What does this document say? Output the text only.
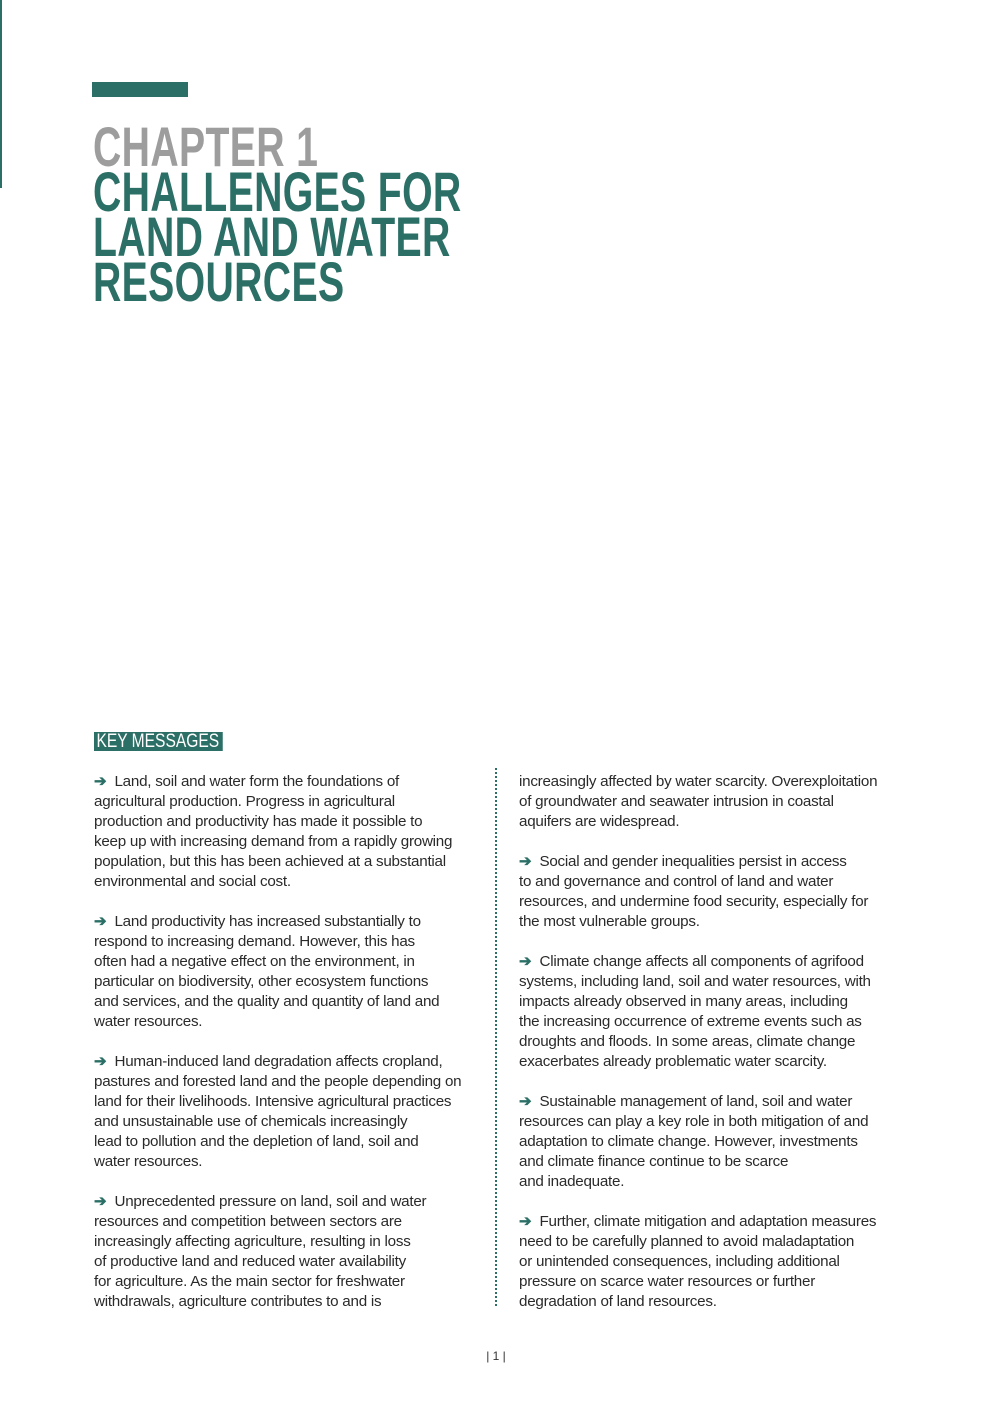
CHAPTER 1
CHALLENGES FOR
LAND AND WATER
RESOURCES
KEY MESSAGES
➔ Land, soil and water form the foundations of
agricultural production. Progress in agricultural
production and productivity has made it possible to
keep up with increasing demand from a rapidly growing
population, but this has been achieved at a substantial
environmental and social cost.
➔ Land productivity has increased substantially to
respond to increasing demand. However, this has
often had a negative effect on the environment, in
particular on biodiversity, other ecosystem functions
and services, and the quality and quantity of land and
water resources.
➔ Human-induced land degradation affects cropland,
pastures and forested land and the people depending on
land for their livelihoods. Intensive agricultural practices
and unsustainable use of chemicals increasingly
lead to pollution and the depletion of land, soil and
water resources.
➔ Unprecedented pressure on land, soil and water
resources and competition between sectors are
increasingly affecting agriculture, resulting in loss
of productive land and reduced water availability
for agriculture. As the main sector for freshwater
withdrawals, agriculture contributes to and is
increasingly affected by water scarcity. Overexploitation
of groundwater and seawater intrusion in coastal
aquifers are widespread.
➔ Social and gender inequalities persist in access
to and governance and control of land and water
resources, and undermine food security, especially for
the most vulnerable groups.
➔ Climate change affects all components of agrifood
systems, including land, soil and water resources, with
impacts already observed in many areas, including
the increasing occurrence of extreme events such as
droughts and floods. In some areas, climate change
exacerbates already problematic water scarcity.
➔ Sustainable management of land, soil and water
resources can play a key role in both mitigation of and
adaptation to climate change. However, investments
and climate finance continue to be scarce
and inadequate.
➔ Further, climate mitigation and adaptation measures
need to be carefully planned to avoid maladaptation
or unintended consequences, including additional
pressure on scarce water resources or further
degradation of land resources.
| 1 |
